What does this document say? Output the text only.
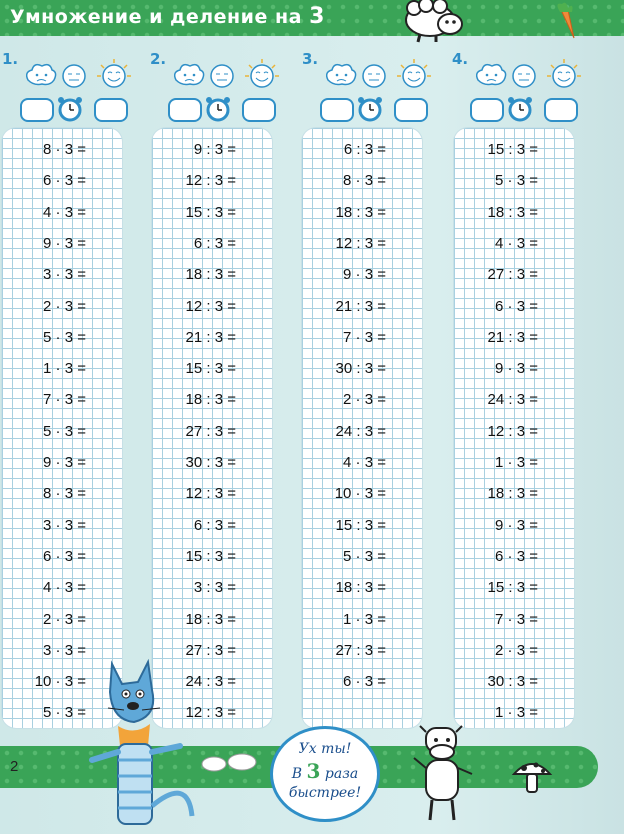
Умножение и деление на 3
1.	2.	3.	4.
8 · 3 =
6 · 3 =
4 · 3 =
9 · 3 =
3 · 3 =
2 · 3 =
5 · 3 =
1 · 3 =
7 · 3 =
5 · 3 =
9 · 3 =
8 · 3 =
3 · 3 =
6 · 3 =
4 · 3 =
2 · 3 =
3 · 3 =
10 · 3 =
5 · 3 =
9 : 3 =
12 : 3 =
15 : 3 =
6 : 3 =
18 : 3 =
12 : 3 =
21 : 3 =
15 : 3 =
18 : 3 =
27 : 3 =
30 : 3 =
12 : 3 =
6 : 3 =
15 : 3 =
3 : 3 =
18 : 3 =
27 : 3 =
24 : 3 =
12 : 3 =
6 : 3 =
8 · 3 =
18 : 3 =
12 : 3 =
9 · 3 =
21 : 3 =
7 · 3 =
30 : 3 =
2 · 3 =
24 : 3 =
4 · 3 =
10 · 3 =
15 : 3 =
5 · 3 =
18 : 3 =
1 · 3 =
27 : 3 =
6 · 3 =
15 : 3 =
5 · 3 =
18 : 3 =
4 · 3 =
27 : 3 =
6 · 3 =
21 : 3 =
9 · 3 =
24 : 3 =
12 : 3 =
1 · 3 =
18 : 3 =
9 · 3 =
6 · 3 =
15 : 3 =
7 · 3 =
2 · 3 =
30 : 3 =
1 · 3 =
2
Ух ты!
В 3 раза
быстрее!
